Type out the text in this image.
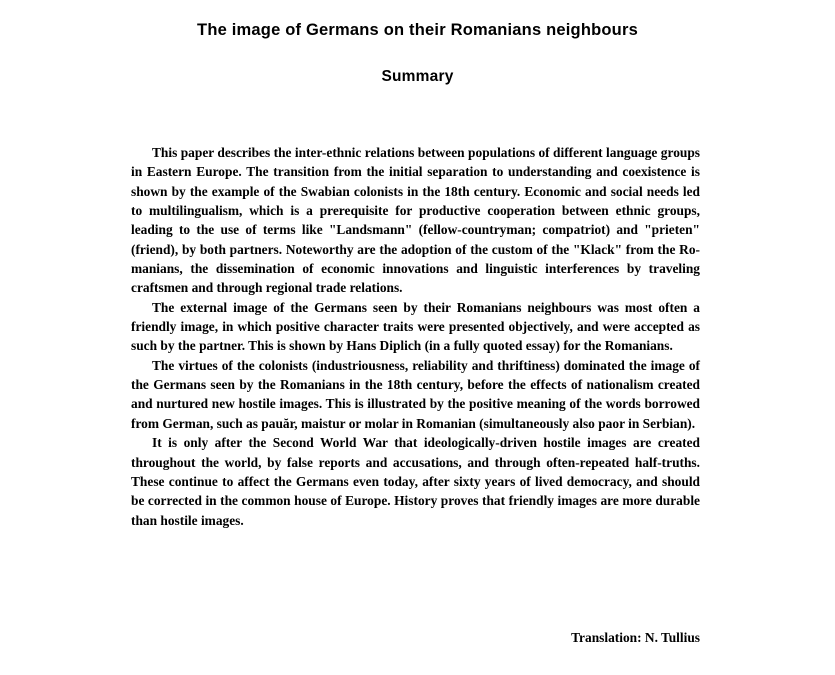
The image of Germans on their Romanians neighbours
Summary

This paper describes the inter-ethnic relations between populations of different language groups in Eastern Europe. The transition from the initial separation to understanding and coexistence is shown by the example of the Swabian colonists in the 18th century. Economic and social needs led to multilingualism, which is a prerequisite for productive cooperation between ethnic groups, leading to the use of terms like "Landsmann" (fellow-countryman; compatriot) and "prieten" (friend), by both partners. Noteworthy are the adoption of the custom of the "Klack" from the Romanians, the dissemination of economic innovations and linguistic interferences by traveling craftsmen and through regional trade relations.

The external image of the Germans seen by their Romanians neighbours was most often a friendly image, in which positive character traits were presented objectively, and were accepted as such by the partner. This is shown by Hans Diplich (in a fully quoted essay) for the Romanians.

The virtues of the colonists (industriousness, reliability and thriftiness) dominated the image of the Germans seen by the Romanians in the 18th century, before the effects of nationalism created and nurtured new hostile images. This is illustrated by the positive meaning of the words borrowed from German, such as pauăr, maistur or molar in Romanian (simultaneously also paor in Serbian).

It is only after the Second World War that ideologically-driven hostile images are created throughout the world, by false reports and accusations, and through often-repeated half-truths. These continue to affect the Germans even today, after sixty years of lived democracy, and should be corrected in the common house of Europe. History proves that friendly images are more durable than hostile images.

Translation: N. Tullius
